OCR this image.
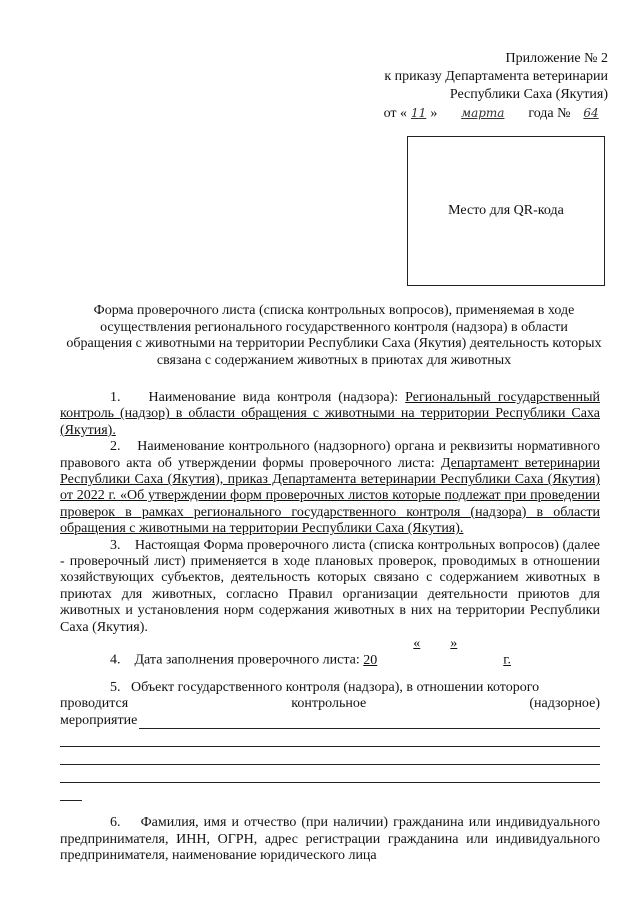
Приложение № 2
к приказу Департамента ветеринарии
Республики Саха (Якутия)
от « 11 » марта года № 64
Место для QR-кода
Форма проверочного листа (списка контрольных вопросов), применяемая в ходе осуществления регионального государственного контроля (надзора) в области обращения с животными на территории Республики Саха (Якутия) деятельность которых связана с содержанием животных в приютах для животных

1. Наименование вида контроля (надзора): Региональный государственный контроль (надзор) в области обращения с животными на территории Республики Саха (Якутия).

2. Наименование контрольного (надзорного) органа и реквизиты нормативного правового акта об утверждении формы проверочного листа: Департамент ветеринарии Республики Саха (Якутия), приказ Департамента ветеринарии Республики Саха (Якутия) от 2022 г. «Об утверждении форм проверочных листов которые подлежат при проведении проверок в рамках регионального государственного контроля (надзора) в области обращения с животными на территории Республики Саха (Якутия).

3. Настоящая Форма проверочного листа (списка контрольных вопросов) (далее - проверочный лист) применяется в ходе плановых проверок, проводимых в отношении хозяйствующих субъектов, деятельность которых связано с содержанием животных в приютах для животных, согласно Правил организации деятельности приютов для животных и установления норм содержания животных в них на территории Республики Саха (Якутия).

4. Дата заполнения проверочного листа: « »20	г.

5. Объект государственного контроля (надзора), в отношении которого

проводится	контрольное	(надзорное)
мероприятие

6. Фамилия, имя и отчество (при наличии) гражданина или индивидуального предпринимателя, ИНН, ОГРН, адрес регистрации гражданина или индивидуального предпринимателя, наименование юридического лица
